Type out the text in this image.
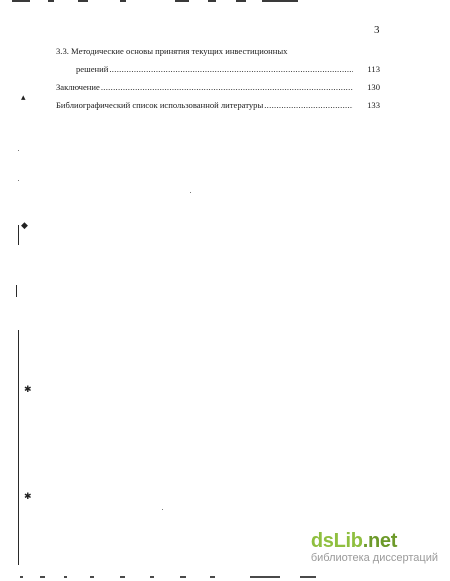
▴
◆
✱
✱
3
3.3. Методические основы принятия текущих инвестиционных
решений .....	113
Заключение .....	130
Библиографический список использованной литературы .....	133
dsLib.net
библиотека диссертаций
